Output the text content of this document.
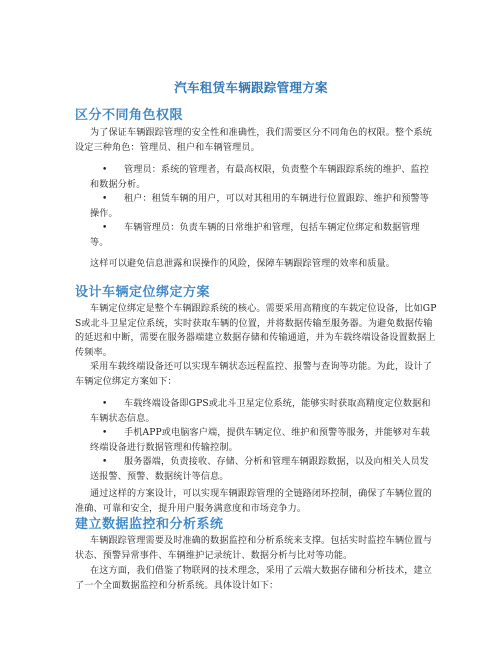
汽车租赁车辆跟踪管理方案
区分不同角色权限
为了保证车辆跟踪管理的安全性和准确性，我们需要区分不同角色的权限。整个系统设定三种角色：管理员、租户和车辆管理员。
•	管理员：系统的管理者，有最高权限，负责整个车辆跟踪系统的维护、监控和数据分析。
•	租户：租赁车辆的用户，可以对其租用的车辆进行位置跟踪、维护和预警等操作。
•	车辆管理员：负责车辆的日常维护和管理，包括车辆定位绑定和数据管理等。
这样可以避免信息泄露和误操作的风险，保障车辆跟踪管理的效率和质量。
设计车辆定位绑定方案
车辆定位绑定是整个车辆跟踪系统的核心。需要采用高精度的车载定位设备，比如GPS或北斗卫星定位系统，实时获取车辆的位置，并将数据传输至服务器。为避免数据传输的延迟和中断，需要在服务器端建立数据存储和传输通道，并为车载终端设备设置数据上传频率。
采用车载终端设备还可以实现车辆状态远程监控、报警与查询等功能。为此，设计了车辆定位绑定方案如下：
•	车载终端设备即GPS或北斗卫星定位系统，能够实时获取高精度定位数据和车辆状态信息。
•	手机APP或电脑客户端，提供车辆定位、维护和预警等服务，并能够对车载终端设备进行数据管理和传输控制。
•	服务器端，负责接收、存储、分析和管理车辆跟踪数据，以及向相关人员发送报警、预警、数据统计等信息。
通过这样的方案设计，可以实现车辆跟踪管理的全链路闭环控制，确保了车辆位置的准确、可靠和安全，提升用户服务满意度和市场竞争力。
建立数据监控和分析系统
车辆跟踪管理需要及时准确的数据监控和分析系统来支撑。包括实时监控车辆位置与状态、预警异常事件、车辆维护记录统计、数据分析与比对等功能。
在这方面，我们借鉴了物联网的技术理念，采用了云端大数据存储和分析技术，建立了一个全面数据监控和分析系统。具体设计如下：
